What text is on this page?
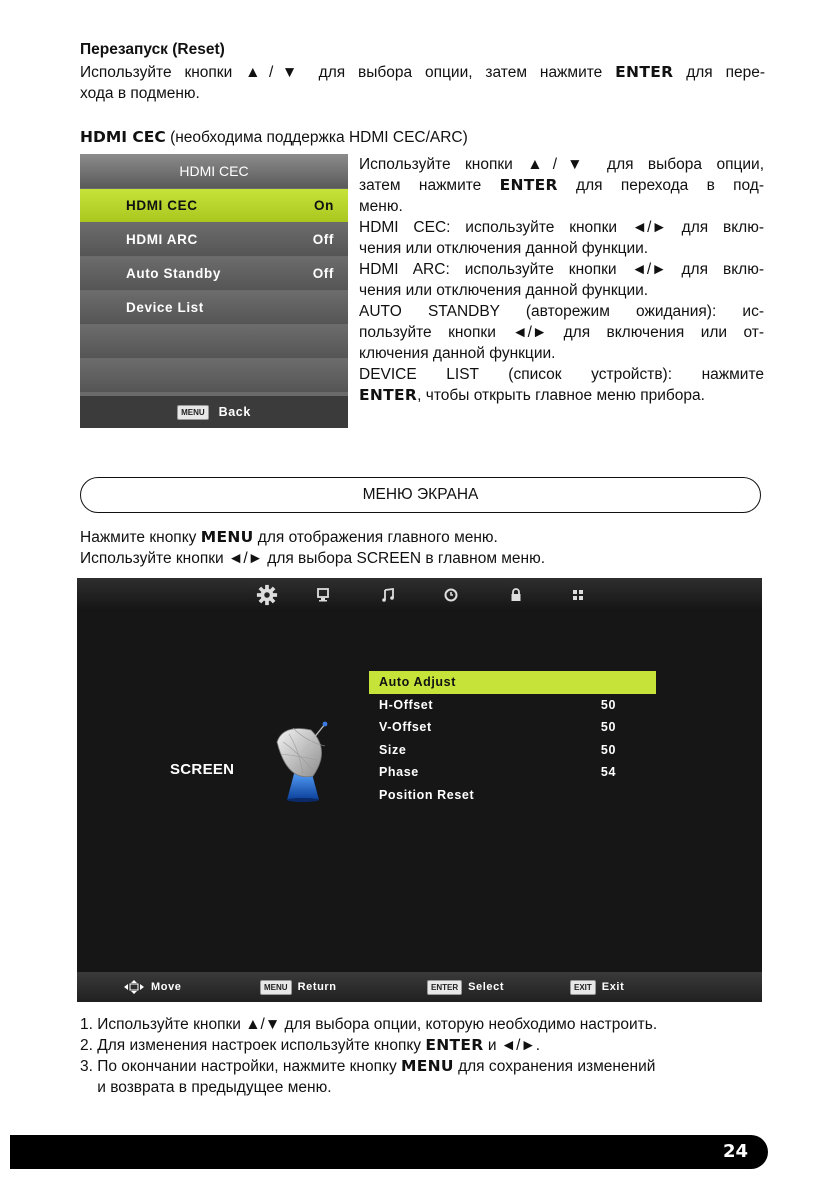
Перезапуск (Reset)
Используйте кнопки ▲/▼ для выбора опции, затем нажмите ENTER для пере-
хода в подменю.
HDMI CEC (необходима поддержка HDMI CEC/ARC)
HDMI CEC
HDMI CEC	On
HDMI ARC	Off
Auto Standby	Off
Device List
MENU	Back
Используйте кнопки ▲/▼ для выбора опции,
затем нажмите ENTER для перехода в под-
меню.
HDMI CEC: используйте кнопки ◄/► для вклю-
чения или отключения данной функции.
HDMI ARC: используйте кнопки ◄/► для вклю-
чения или отключения данной функции.
AUTO STANDBY (авторежим ожидания): ис-
пользуйте кнопки ◄/► для включения или от-
ключения данной функции.
DEVICE LIST (список устройств): нажмите
ENTER, чтобы открыть главное меню прибора.
МЕНЮ ЭКРАНА
Нажмите кнопку MENU для отображения главного меню.
Используйте кнопки ◄/► для выбора SCREEN в главном меню.
SCREEN
Auto Adjust
H-Offset	50
V-Offset	50
Size	50
Phase	54
Position Reset
Move	MENU Return	ENTER Select	EXIT Exit
1. Используйте кнопки ▲/▼ для выбора опции, которую необходимо настроить.
2. Для изменения настроек используйте кнопку ENTER и ◄/►.
3. По окончании настройки, нажмите кнопку MENU для сохранения изменений
и возврата в предыдущее меню.
24
